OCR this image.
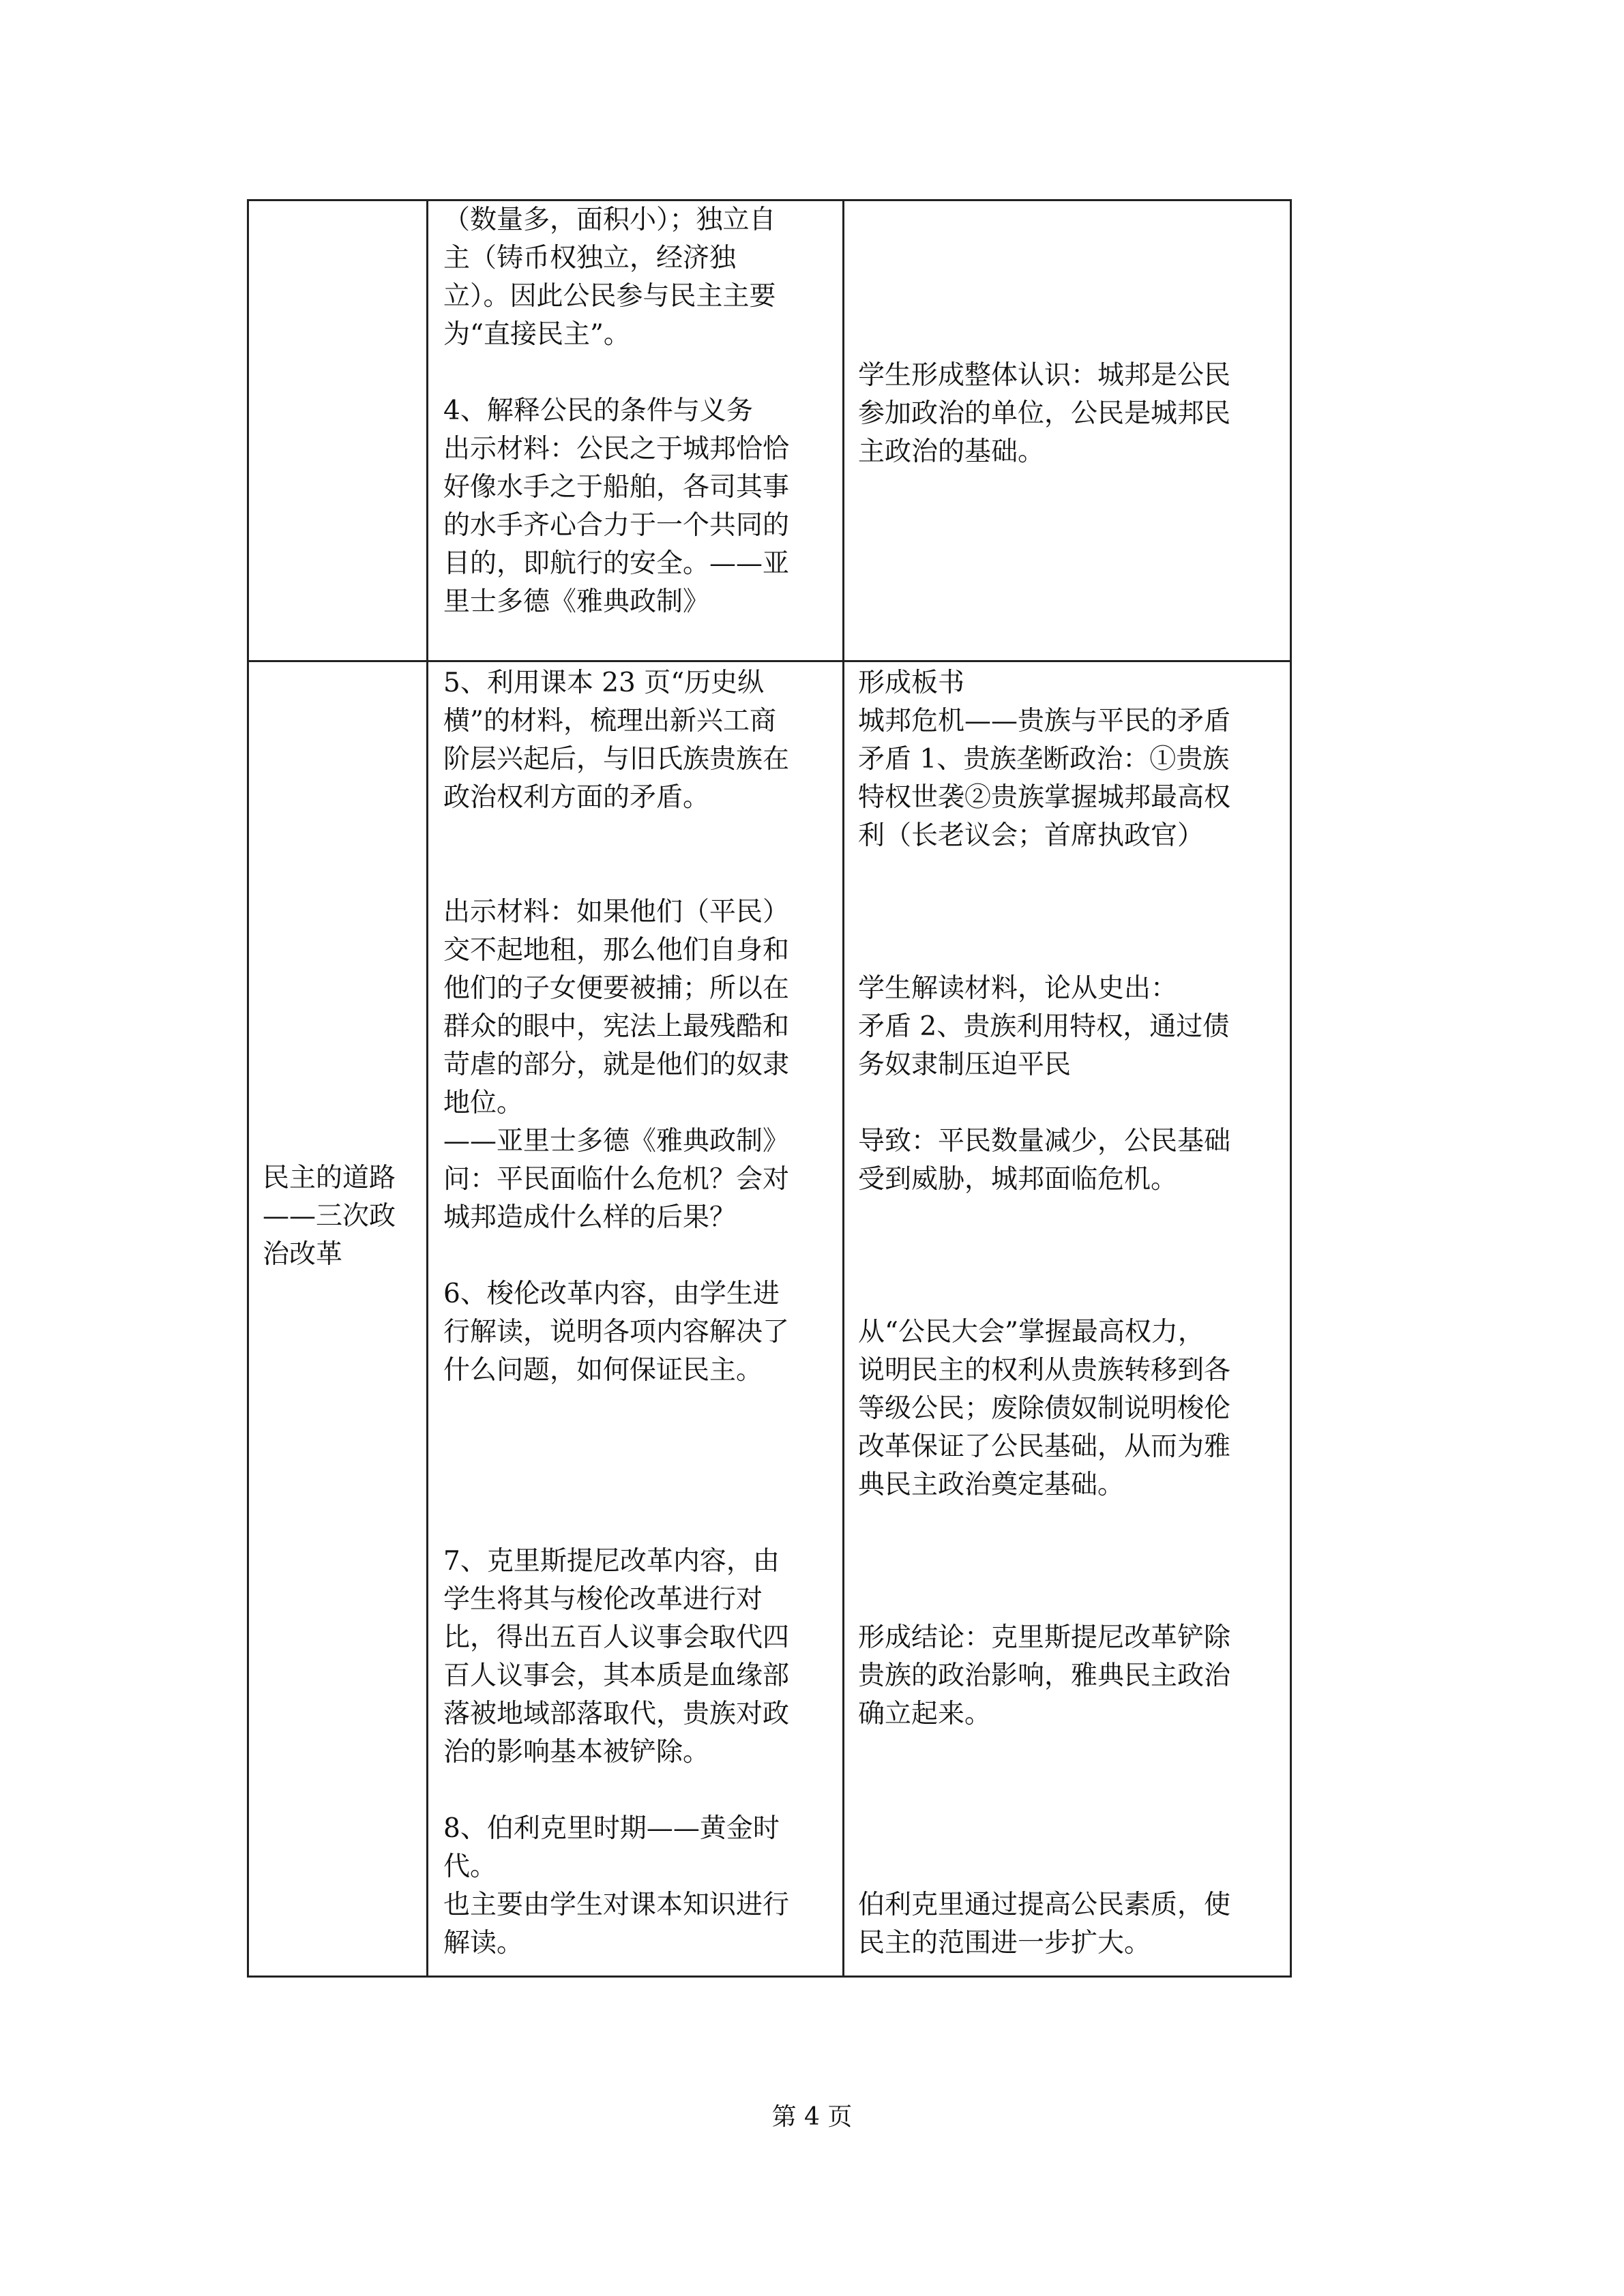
（数量多，面积小）；独立自
主（铸币权独立，经济独
立）。因此公民参与民主主要
为“直接民主”。

4、解释公民的条件与义务
出示材料：公民之于城邦恰恰
好像水手之于船舶，各司其事
的水手齐心合力于一个共同的
目的，即航行的安全。——亚
里士多德《雅典政制》
学生形成整体认识：城邦是公民
参加政治的单位，公民是城邦民
主政治的基础。
民主的道路
——三次政
治改革
5、利用课本 23 页“历史纵
横”的材料，梳理出新兴工商
阶层兴起后，与旧氏族贵族在
政治权利方面的矛盾。

出示材料：如果他们（平民）
交不起地租，那么他们自身和
他们的子女便要被捕；所以在
群众的眼中，宪法上最残酷和
苛虐的部分，就是他们的奴隶
地位。
——亚里士多德《雅典政制》
问：平民面临什么危机？会对
城邦造成什么样的后果？

6、梭伦改革内容，由学生进
行解读，说明各项内容解决了
什么问题，如何保证民主。

7、克里斯提尼改革内容，由
学生将其与梭伦改革进行对
比，得出五百人议事会取代四
百人议事会，其本质是血缘部
落被地域部落取代，贵族对政
治的影响基本被铲除。

8、伯利克里时期——黄金时
代。
也主要由学生对课本知识进行
解读。
形成板书
城邦危机——贵族与平民的矛盾
矛盾 1、贵族垄断政治：①贵族
特权世袭②贵族掌握城邦最高权
利（长老议会；首席执政官）

学生解读材料，论从史出：
矛盾 2、贵族利用特权，通过债
务奴隶制压迫平民

导致：平民数量减少，公民基础
受到威胁，城邦面临危机。

从“公民大会”掌握最高权力，
说明民主的权利从贵族转移到各
等级公民；废除债奴制说明梭伦
改革保证了公民基础，从而为雅
典民主政治奠定基础。

形成结论：克里斯提尼改革铲除
贵族的政治影响，雅典民主政治
确立起来。

伯利克里通过提高公民素质，使
民主的范围进一步扩大。
第 4 页
